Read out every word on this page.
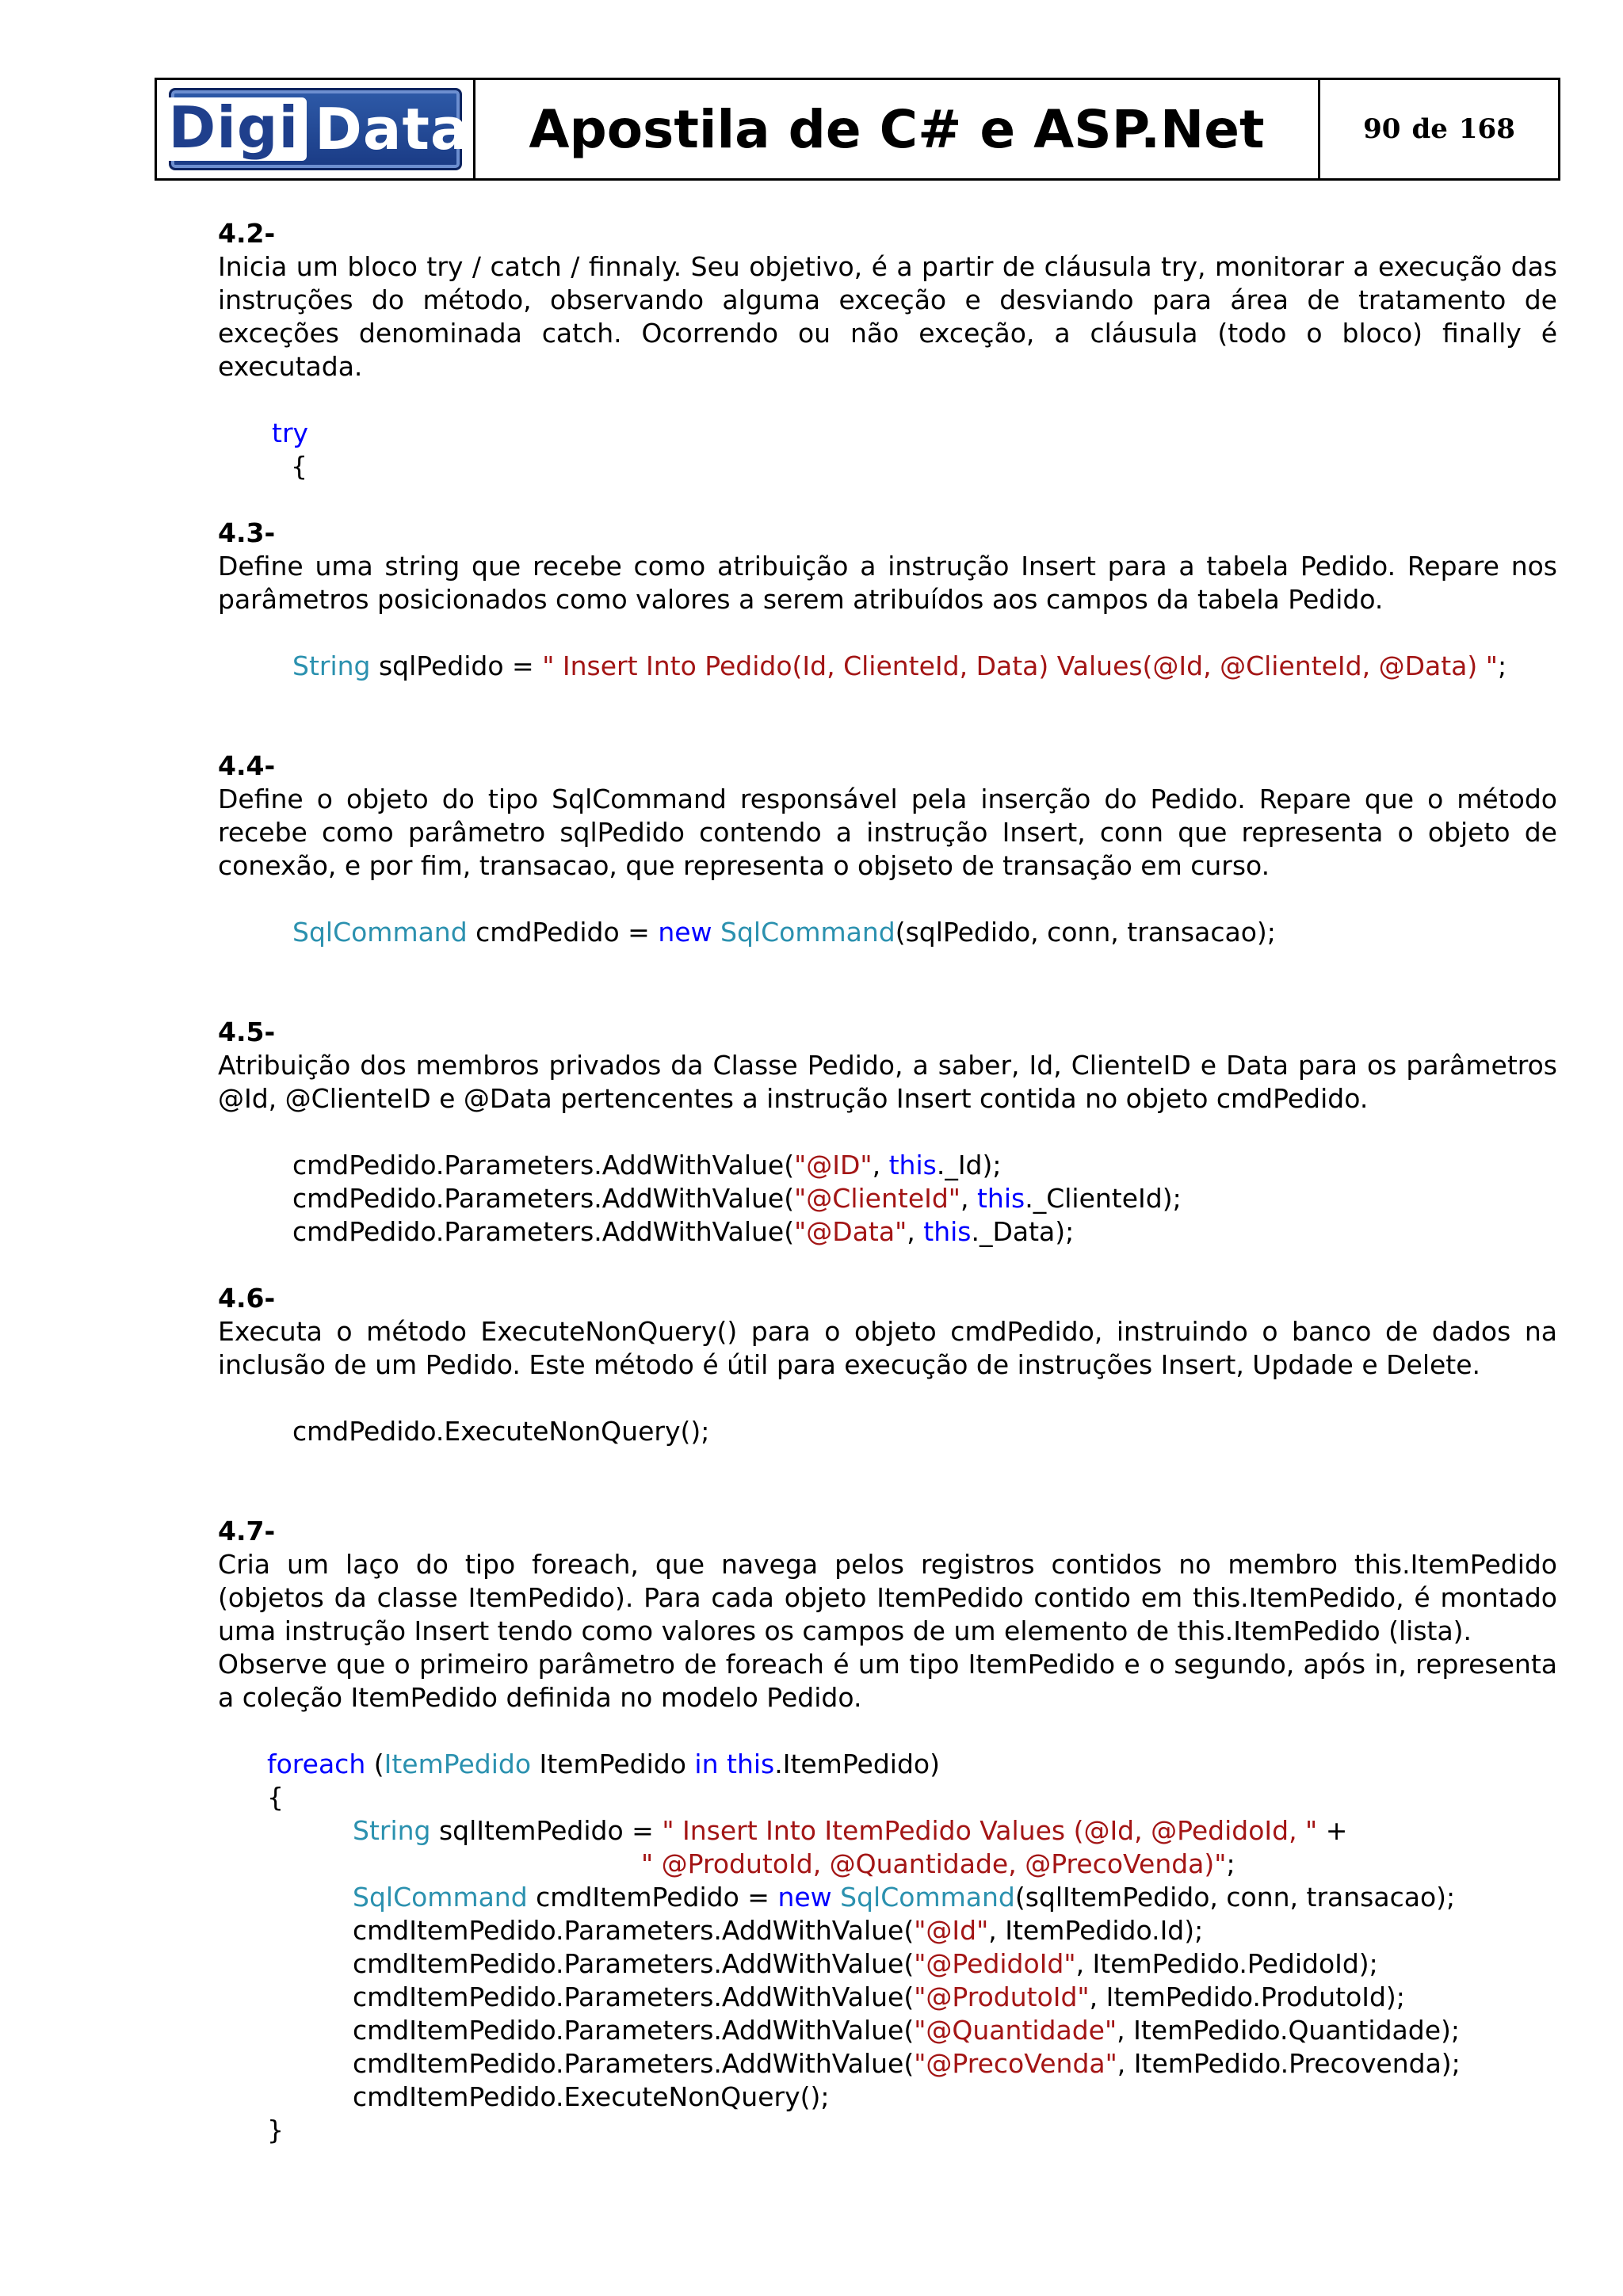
Digi Data Apostila de C# e ASP.Net	90 de 168
4.2-

Inicia um bloco try / catch / finnaly. Seu objetivo, é a partir de cláusula try, monitorar a execução das instruções do método, observando alguma exceção e desviando para área de tratamento de exceções denominada catch. Ocorrendo ou não exceção, a cláusula (todo o bloco) finally é executada.

try
{
4.3-

Define uma string que recebe como atribuição a instrução Insert para a tabela Pedido. Repare nos parâmetros posicionados como valores a serem atribuídos aos campos da tabela Pedido.

String sqlPedido = " Insert Into Pedido(Id, ClienteId, Data) Values(@Id, @ClienteId, @Data) ";
4.4-

Define o objeto do tipo SqlCommand responsável pela inserção do Pedido. Repare que o método recebe como parâmetro sqlPedido contendo a instrução Insert, conn que representa o objeto de conexão, e por fim, transacao, que representa o objseto de transação em curso.

SqlCommand cmdPedido = new SqlCommand(sqlPedido, conn, transacao);
4.5-

Atribuição dos membros privados da Classe Pedido, a saber, Id, ClienteID e Data para os parâmetros @Id, @ClienteID e @Data pertencentes a instrução Insert contida no objeto cmdPedido.

cmdPedido.Parameters.AddWithValue("@ID", this._Id);
cmdPedido.Parameters.AddWithValue("@ClienteId", this._ClienteId);
cmdPedido.Parameters.AddWithValue("@Data", this._Data);
4.6-

Executa o método ExecuteNonQuery() para o objeto cmdPedido, instruindo o banco de dados na inclusão de um Pedido. Este método é útil para execução de instruções Insert, Updade e Delete.

cmdPedido.ExecuteNonQuery();
4.7-

Cria um laço do tipo foreach, que navega pelos registros contidos no membro this.ItemPedido (objetos da classe ItemPedido). Para cada objeto ItemPedido contido em this.ItemPedido, é montado uma instrução Insert tendo como valores os campos de um elemento de this.ItemPedido (lista).

Observe que o primeiro parâmetro de foreach é um tipo ItemPedido e o segundo, após in, representa a coleção ItemPedido definida no modelo Pedido.

foreach (ItemPedido ItemPedido in this.ItemPedido)
{
String sqlItemPedido = " Insert Into ItemPedido Values (@Id, @PedidoId, " +
" @ProdutoId, @Quantidade, @PrecoVenda)";
SqlCommand cmdItemPedido = new SqlCommand(sqlItemPedido, conn, transacao);
cmdItemPedido.Parameters.AddWithValue("@Id", ItemPedido.Id);
cmdItemPedido.Parameters.AddWithValue("@PedidoId", ItemPedido.PedidoId);
cmdItemPedido.Parameters.AddWithValue("@ProdutoId", ItemPedido.ProdutoId);
cmdItemPedido.Parameters.AddWithValue("@Quantidade", ItemPedido.Quantidade);
cmdItemPedido.Parameters.AddWithValue("@PrecoVenda", ItemPedido.Precovenda);
cmdItemPedido.ExecuteNonQuery();
}
